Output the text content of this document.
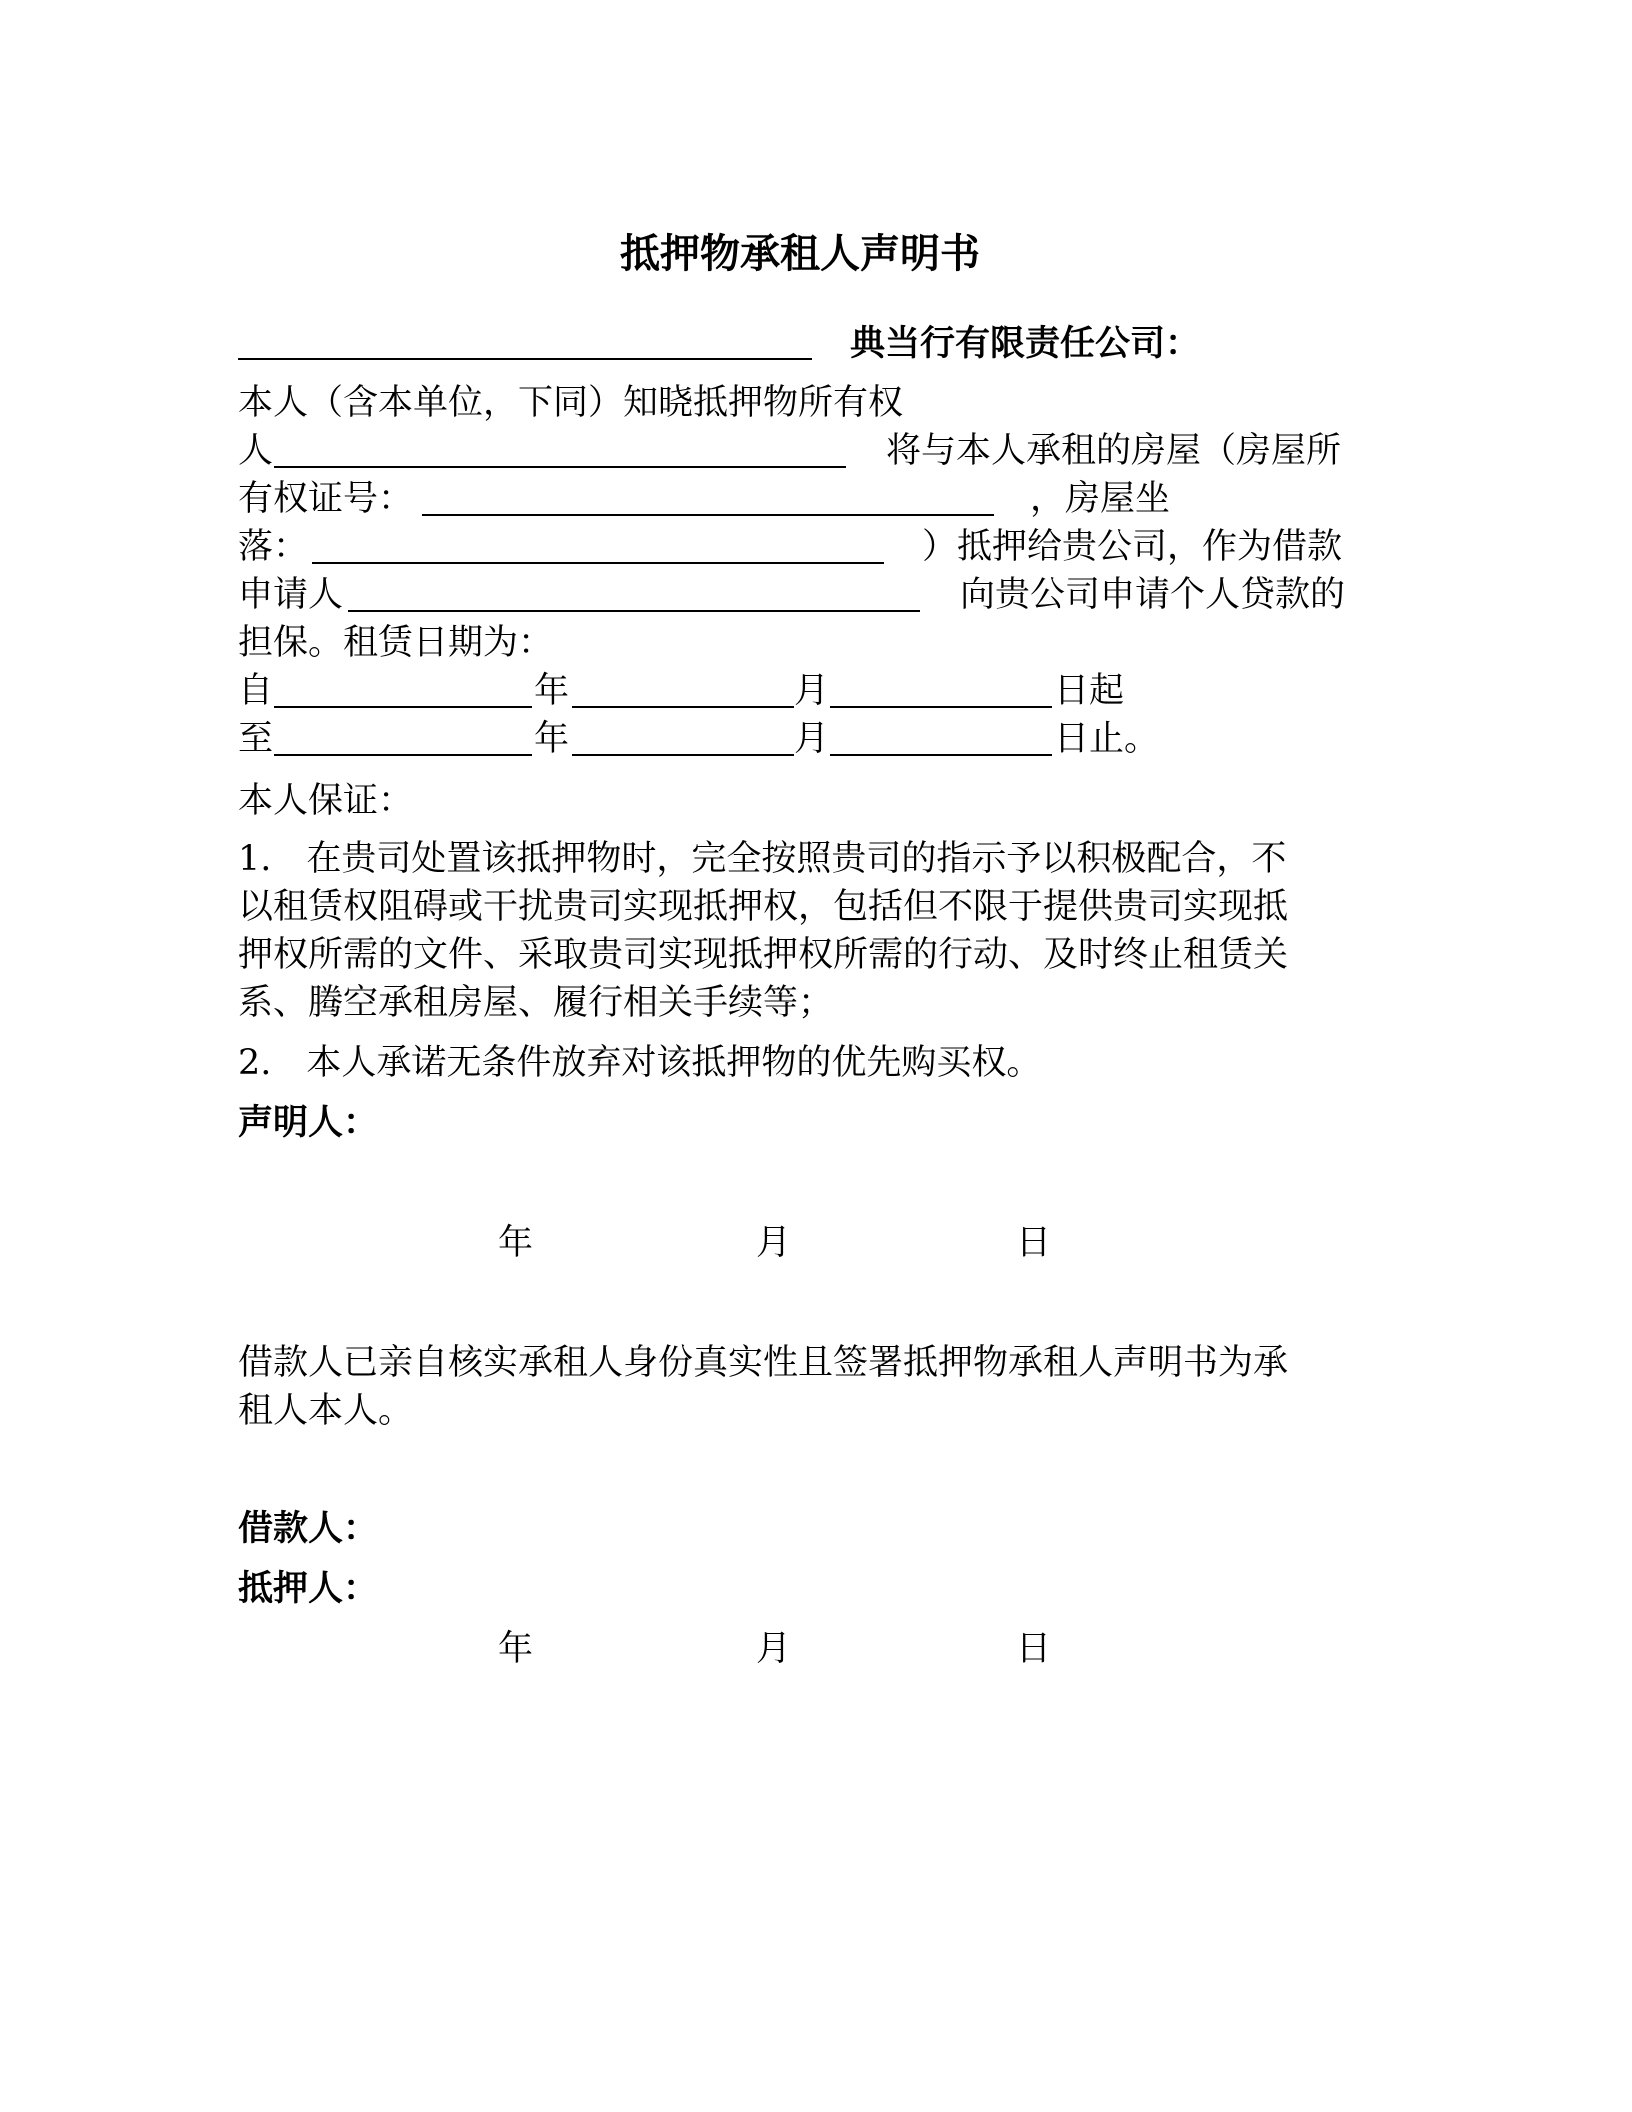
抵押物承租人声明书
典当行有限责任公司：
本人（含本单位，下同）知晓抵押物所有权
人	将与本人承租的房屋（房屋所
有权证号：	，房屋坐
落：	）抵押给贵公司，作为借款
申请人	向贵公司申请个人贷款的
担保。租赁日期为：
自	年	月	日起
至	年	月	日止。
本人保证：
1.　在贵司处置该抵押物时，完全按照贵司的指示予以积极配合，不
以租赁权阻碍或干扰贵司实现抵押权，包括但不限于提供贵司实现抵
押权所需的文件、采取贵司实现抵押权所需的行动、及时终止租赁关
系、腾空承租房屋、履行相关手续等；
2.　本人承诺无条件放弃对该抵押物的优先购买权。
声明人：
年	月	日
借款人已亲自核实承租人身份真实性且签署抵押物承租人声明书为承
租人本人。
借款人：
抵押人：
年	月	日
